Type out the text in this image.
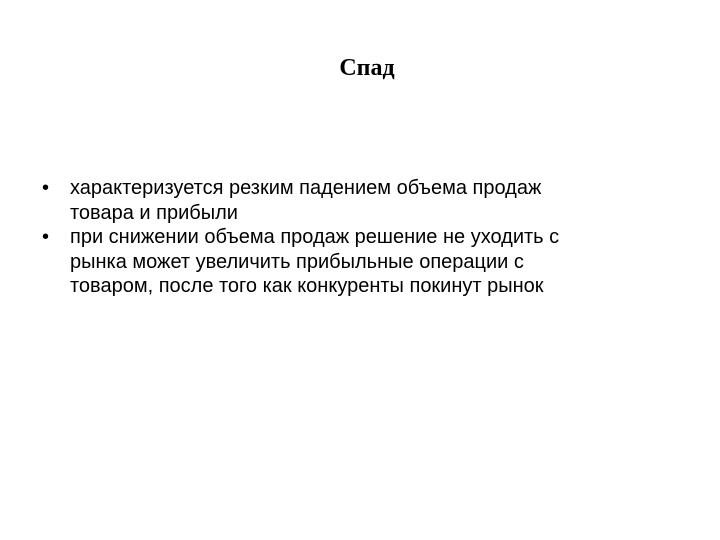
Спад
•	характеризуется резким падением объема продаж
товара и прибыли
•	при снижении объема продаж решение не уходить с
рынка может увеличить прибыльные операции с
товаром, после того как конкуренты покинут рынок
